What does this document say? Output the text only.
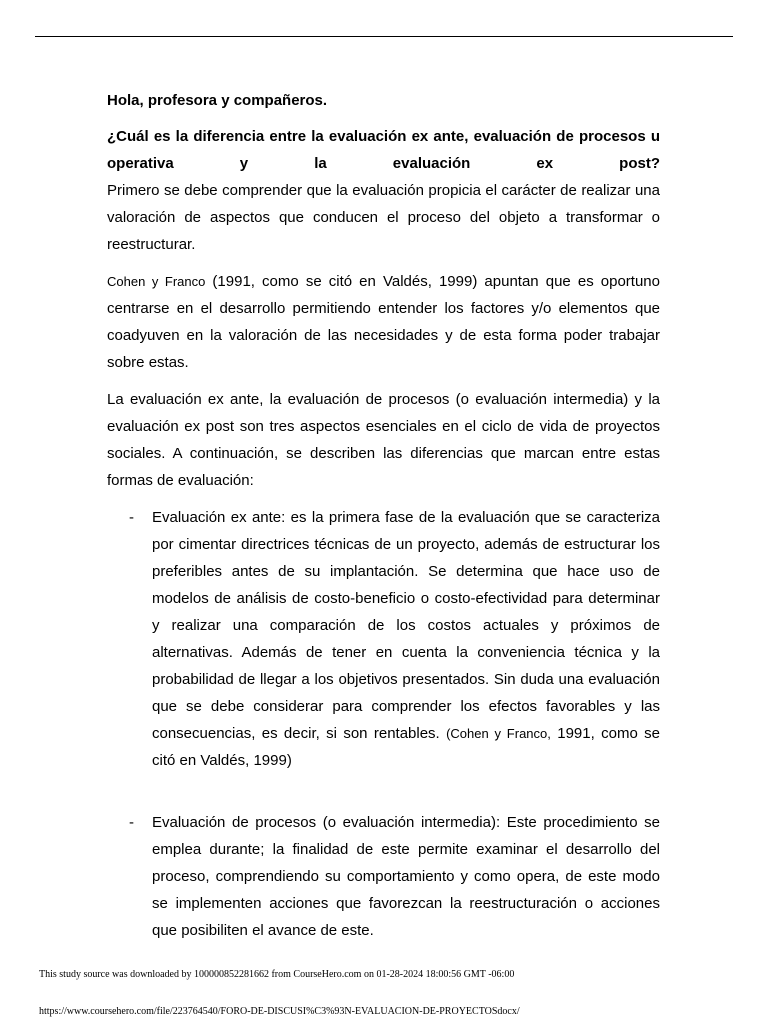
Hola, profesora y compañeros.

¿Cuál es la diferencia entre la evaluación ex ante, evaluación de procesos u
operativa y la evaluación ex post?

Primero se debe comprender que la evaluación propicia el carácter de realizar una valoración de aspectos que conducen el proceso del objeto a transformar o reestructurar.

Cohen y Franco (1991, como se citó en Valdés, 1999) apuntan que es oportuno centrarse en el desarrollo permitiendo entender los factores y/o elementos que coadyuven en la valoración de las necesidades y de esta forma poder trabajar sobre estas.

La evaluación ex ante, la evaluación de procesos (o evaluación intermedia) y la evaluación ex post son tres aspectos esenciales en el ciclo de vida de proyectos sociales. A continuación, se describen las diferencias que marcan entre estas formas de evaluación:

- Evaluación ex ante: es la primera fase de la evaluación que se caracteriza por cimentar directrices técnicas de un proyecto, además de estructurar los preferibles antes de su implantación. Se determina que hace uso de modelos de análisis de costo-beneficio o costo-efectividad para determinar y realizar una comparación de los costos actuales y próximos de alternativas. Además de tener en cuenta la conveniencia técnica y la probabilidad de llegar a los objetivos presentados. Sin duda una evaluación que se debe considerar para comprender los efectos favorables y las consecuencias, es decir, si son rentables. (Cohen y Franco, 1991, como se citó en Valdés, 1999)
- Evaluación de procesos (o evaluación intermedia): Este procedimiento se emplea durante; la finalidad de este permite examinar el desarrollo del proceso, comprendiendo su comportamiento y como opera, de este modo se implementen acciones que favorezcan la reestructuración o acciones que posibiliten el avance de este.
This study source was downloaded by 100000852281662 from CourseHero.com on 01-28-2024 18:00:56 GMT -06:00
https://www.coursehero.com/file/223764540/FORO-DE-DISCUSI%C3%93N-EVALUACION-DE-PROYECTOSdocx/
